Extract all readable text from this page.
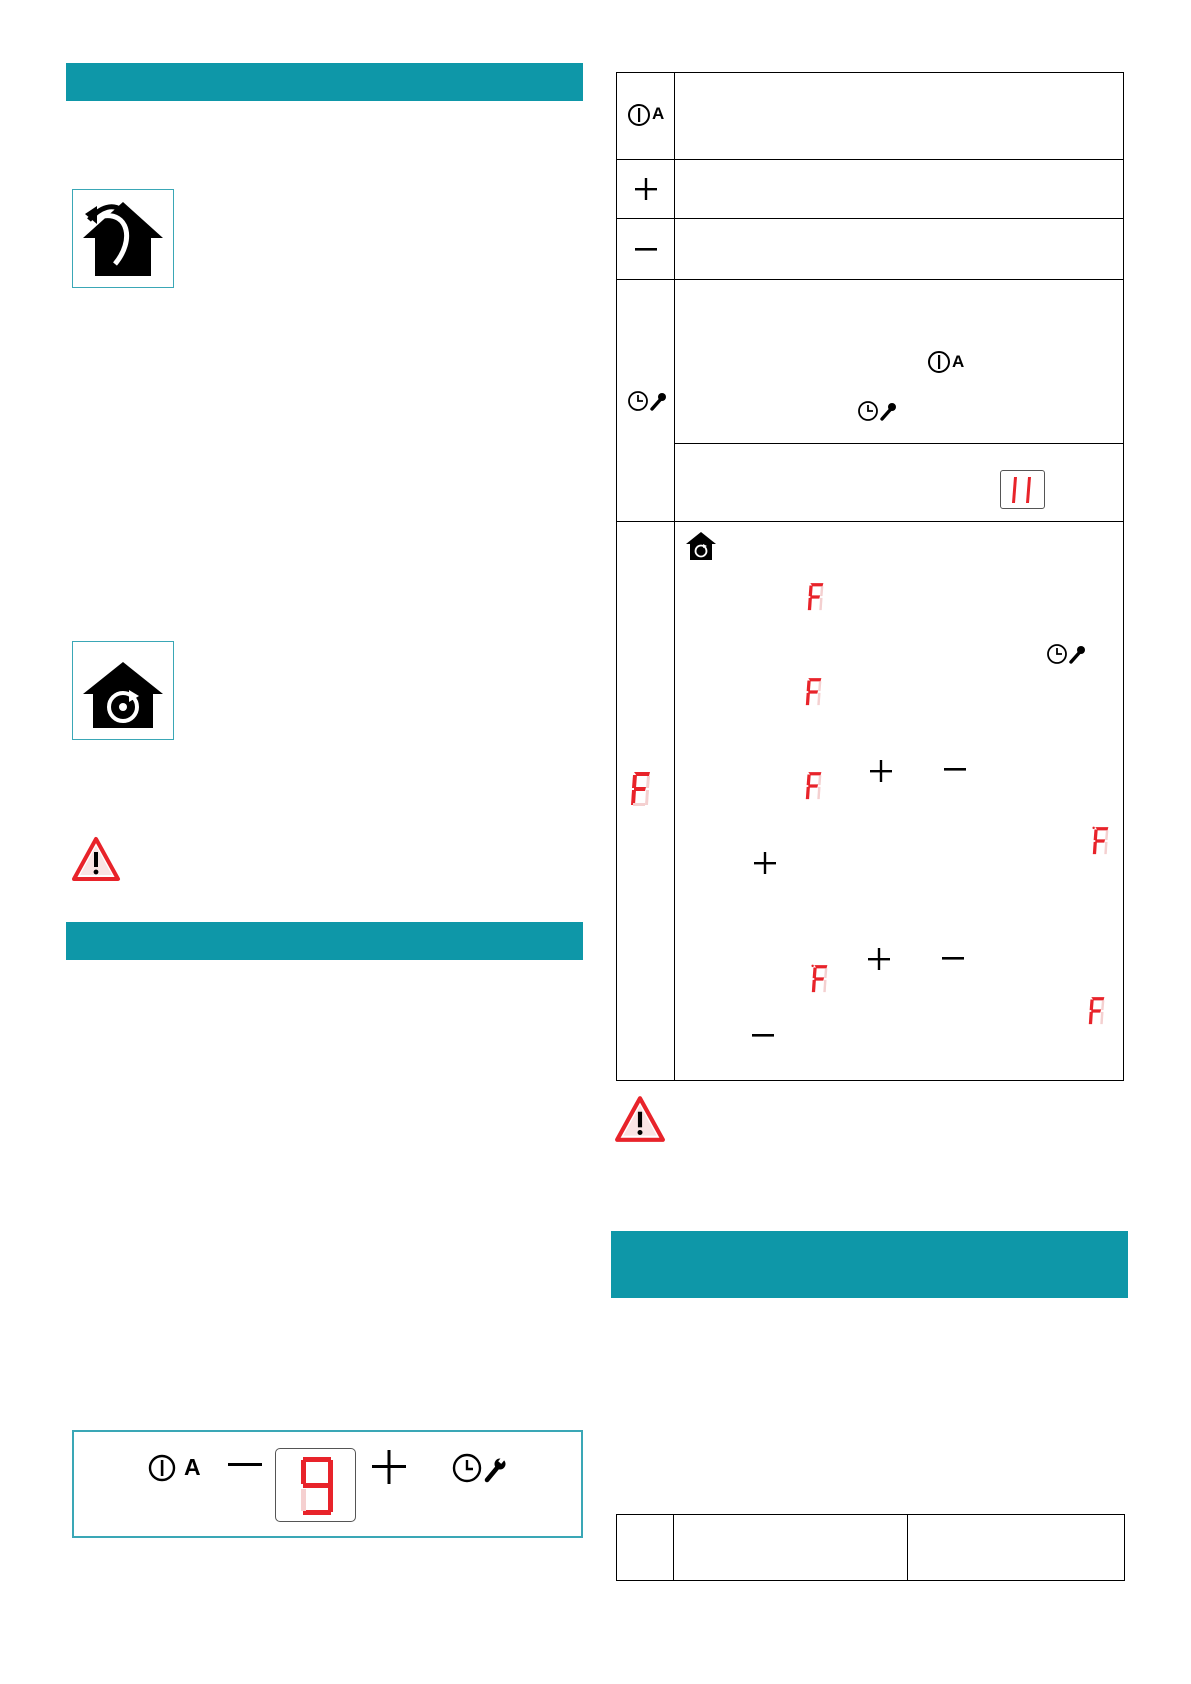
A
A
A
